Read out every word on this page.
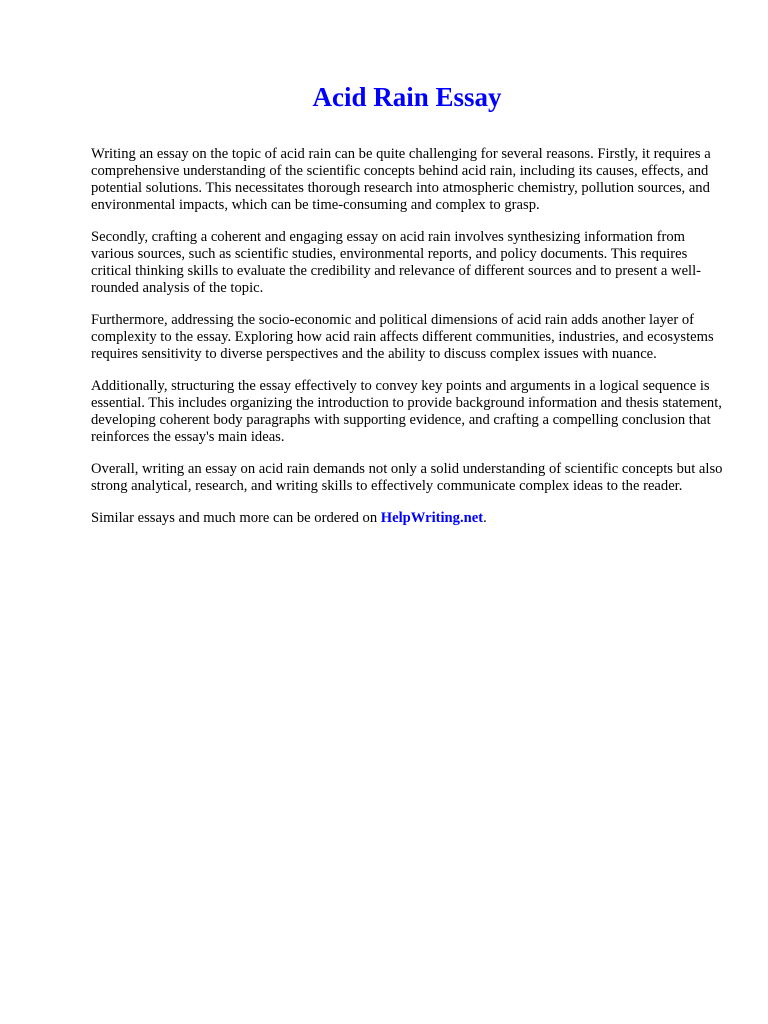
Acid Rain Essay

Writing an essay on the topic of acid rain can be quite challenging for several reasons. Firstly, it requires a comprehensive understanding of the scientific concepts behind acid rain, including its causes, effects, and potential solutions. This necessitates thorough research into atmospheric chemistry, pollution sources, and environmental impacts, which can be time-consuming and complex to grasp.

Secondly, crafting a coherent and engaging essay on acid rain involves synthesizing information from various sources, such as scientific studies, environmental reports, and policy documents. This requires critical thinking skills to evaluate the credibility and relevance of different sources and to present a well-rounded analysis of the topic.

Furthermore, addressing the socio-economic and political dimensions of acid rain adds another layer of complexity to the essay. Exploring how acid rain affects different communities, industries, and ecosystems requires sensitivity to diverse perspectives and the ability to discuss complex issues with nuance.

Additionally, structuring the essay effectively to convey key points and arguments in a logical sequence is essential. This includes organizing the introduction to provide background information and thesis statement, developing coherent body paragraphs with supporting evidence, and crafting a compelling conclusion that reinforces the essay's main ideas.

Overall, writing an essay on acid rain demands not only a solid understanding of scientific concepts but also strong analytical, research, and writing skills to effectively communicate complex ideas to the reader.

Similar essays and much more can be ordered on HelpWriting.net.
